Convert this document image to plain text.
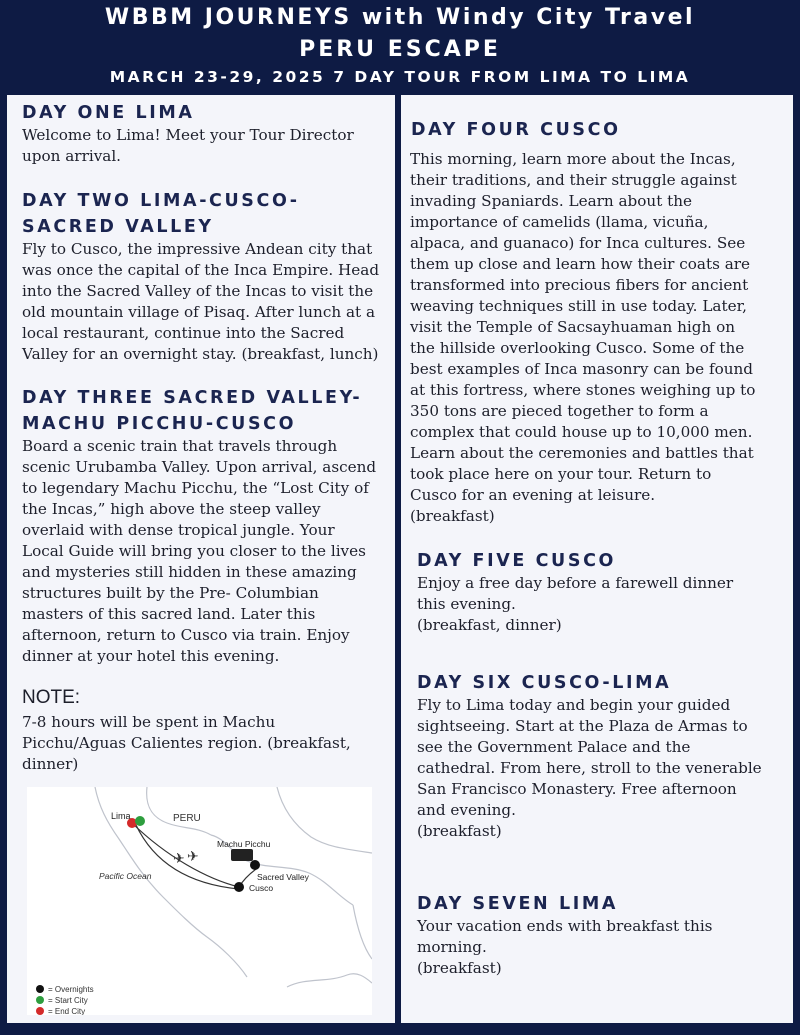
WBBM JOURNEYS with Windy City Travel
PERU ESCAPE
MARCH 23-29, 2025 7 DAY TOUR FROM LIMA TO LIMA
DAY ONE LIMA
Welcome to Lima! Meet your Tour Director
upon arrival.
DAY TWO LIMA-CUSCO-
SACRED VALLEY
Fly to Cusco, the impressive Andean city that
was once the capital of the Inca Empire. Head
into the Sacred Valley of the Incas to visit the
old mountain village of Pisaq. After lunch at a
local restaurant, continue into the Sacred
Valley for an overnight stay. (breakfast, lunch)
DAY THREE SACRED VALLEY-
MACHU PICCHU-CUSCO
Board a scenic train that travels through
scenic Urubamba Valley. Upon arrival, ascend
to legendary Machu Picchu, the “Lost City of
the Incas,” high above the steep valley
overlaid with dense tropical jungle. Your
Local Guide will bring you closer to the lives
and mysteries still hidden in these amazing
structures built by the Pre- Columbian
masters of this sacred land. Later this
afternoon, return to Cusco via train. Enjoy
dinner at your hotel this evening.
NOTE:
7-8 hours will be spent in Machu
Picchu/Aguas Calientes region. (breakfast,
dinner)
✈ ✈
Lima	PERU
Machu Picchu
Sacred Valley
Cusco
Pacific Ocean
= Overnights
= Start City
= End City
DAY FOUR CUSCO
This morning, learn more about the Incas,
their traditions, and their struggle against
invading Spaniards. Learn about the
importance of camelids (llama, vicuña,
alpaca, and guanaco) for Inca cultures. See
them up close and learn how their coats are
transformed into precious fibers for ancient
weaving techniques still in use today. Later,
visit the Temple of Sacsayhuaman high on
the hillside overlooking Cusco. Some of the
best examples of Inca masonry can be found
at this fortress, where stones weighing up to
350 tons are pieced together to form a
complex that could house up to 10,000 men.
Learn about the ceremonies and battles that
took place here on your tour. Return to
Cusco for an evening at leisure.
(breakfast)
DAY FIVE CUSCO
Enjoy a free day before a farewell dinner
this evening.
(breakfast, dinner)
DAY SIX CUSCO-LIMA
Fly to Lima today and begin your guided
sightseeing. Start at the Plaza de Armas to
see the Government Palace and the
cathedral. From here, stroll to the venerable
San Francisco Monastery. Free afternoon
and evening.
(breakfast)
DAY SEVEN LIMA
Your vacation ends with breakfast this
morning.
(breakfast)
